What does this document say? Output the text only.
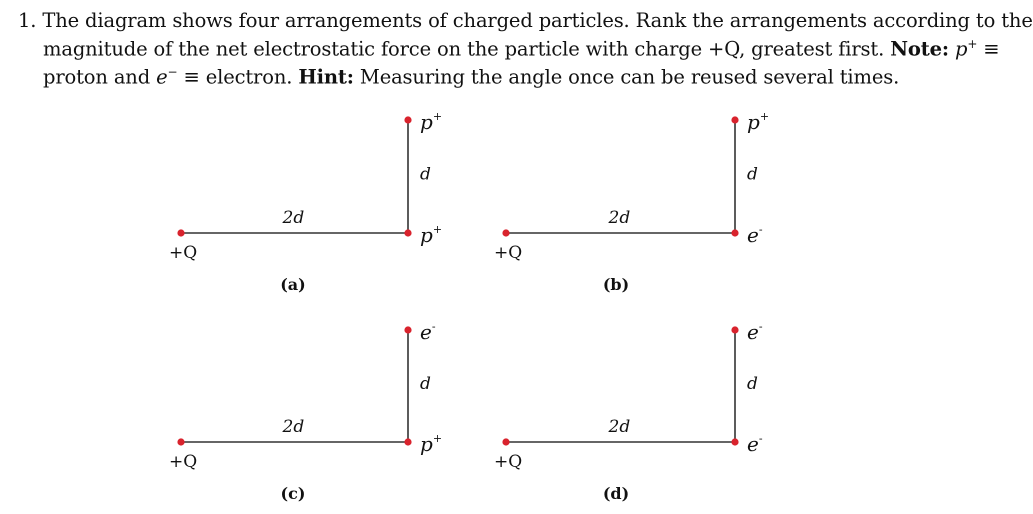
1. The diagram shows four arrangements of charged particles. Rank the arrangements according to the
magnitude of the net electrostatic force on the particle with charge +Q, greatest first. Note: p+ ≡
proton and e− ≡ electron. Hint: Measuring the angle once can be reused several times.
+Q
2d
d
p+
p+
(a)
+Q
2d
d
p+
e-
(b)
+Q
2d
d
e-
p+
(c)
+Q
2d
d
e-
e-
(d)
